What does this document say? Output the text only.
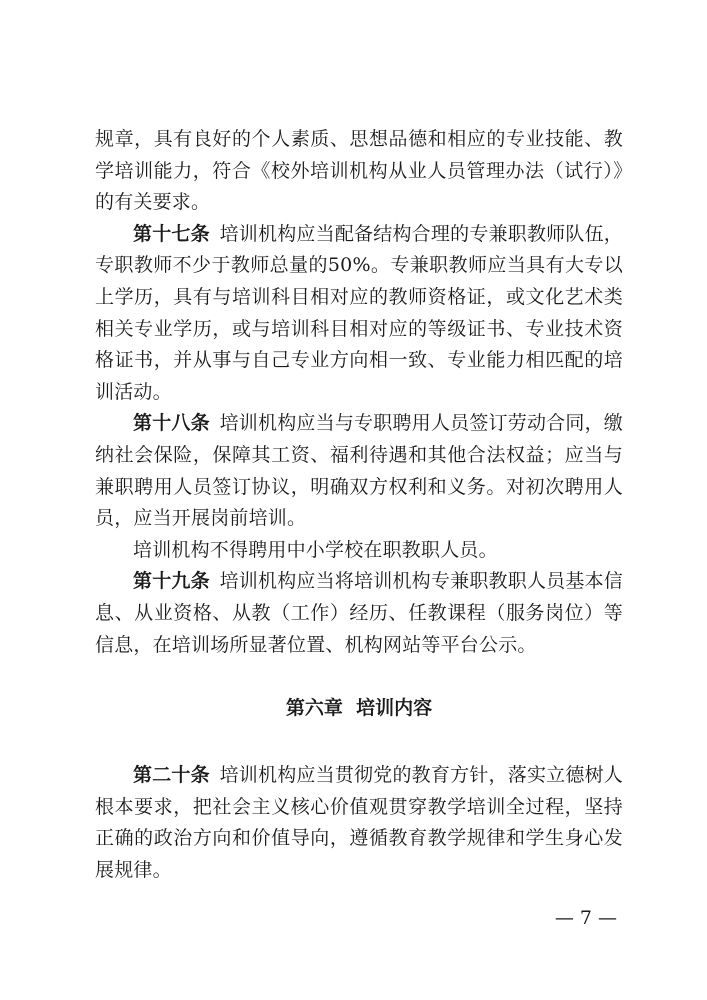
规章，具有良好的个人素质、思想品德和相应的专业技能、教学培训能力，符合《校外培训机构从业人员管理办法（试行）》的有关要求。

第十七条  培训机构应当配备结构合理的专兼职教师队伍，专职教师不少于教师总量的50%。专兼职教师应当具有大专以上学历，具有与培训科目相对应的教师资格证，或文化艺术类相关专业学历，或与培训科目相对应的等级证书、专业技术资格证书，并从事与自己专业方向相一致、专业能力相匹配的培训活动。

第十八条  培训机构应当与专职聘用人员签订劳动合同，缴纳社会保险，保障其工资、福利待遇和其他合法权益；应当与兼职聘用人员签订协议，明确双方权利和义务。对初次聘用人员，应当开展岗前培训。

培训机构不得聘用中小学校在职教职人员。

第十九条  培训机构应当将培训机构专兼职教职人员基本信息、从业资格、从教（工作）经历、任教课程（服务岗位）等信息，在培训场所显著位置、机构网站等平台公示。

第六章  培训内容

第二十条  培训机构应当贯彻党的教育方针，落实立德树人根本要求，把社会主义核心价值观贯穿教学培训全过程，坚持正确的政治方向和价值导向，遵循教育教学规律和学生身心发展规律。

— 7 —
